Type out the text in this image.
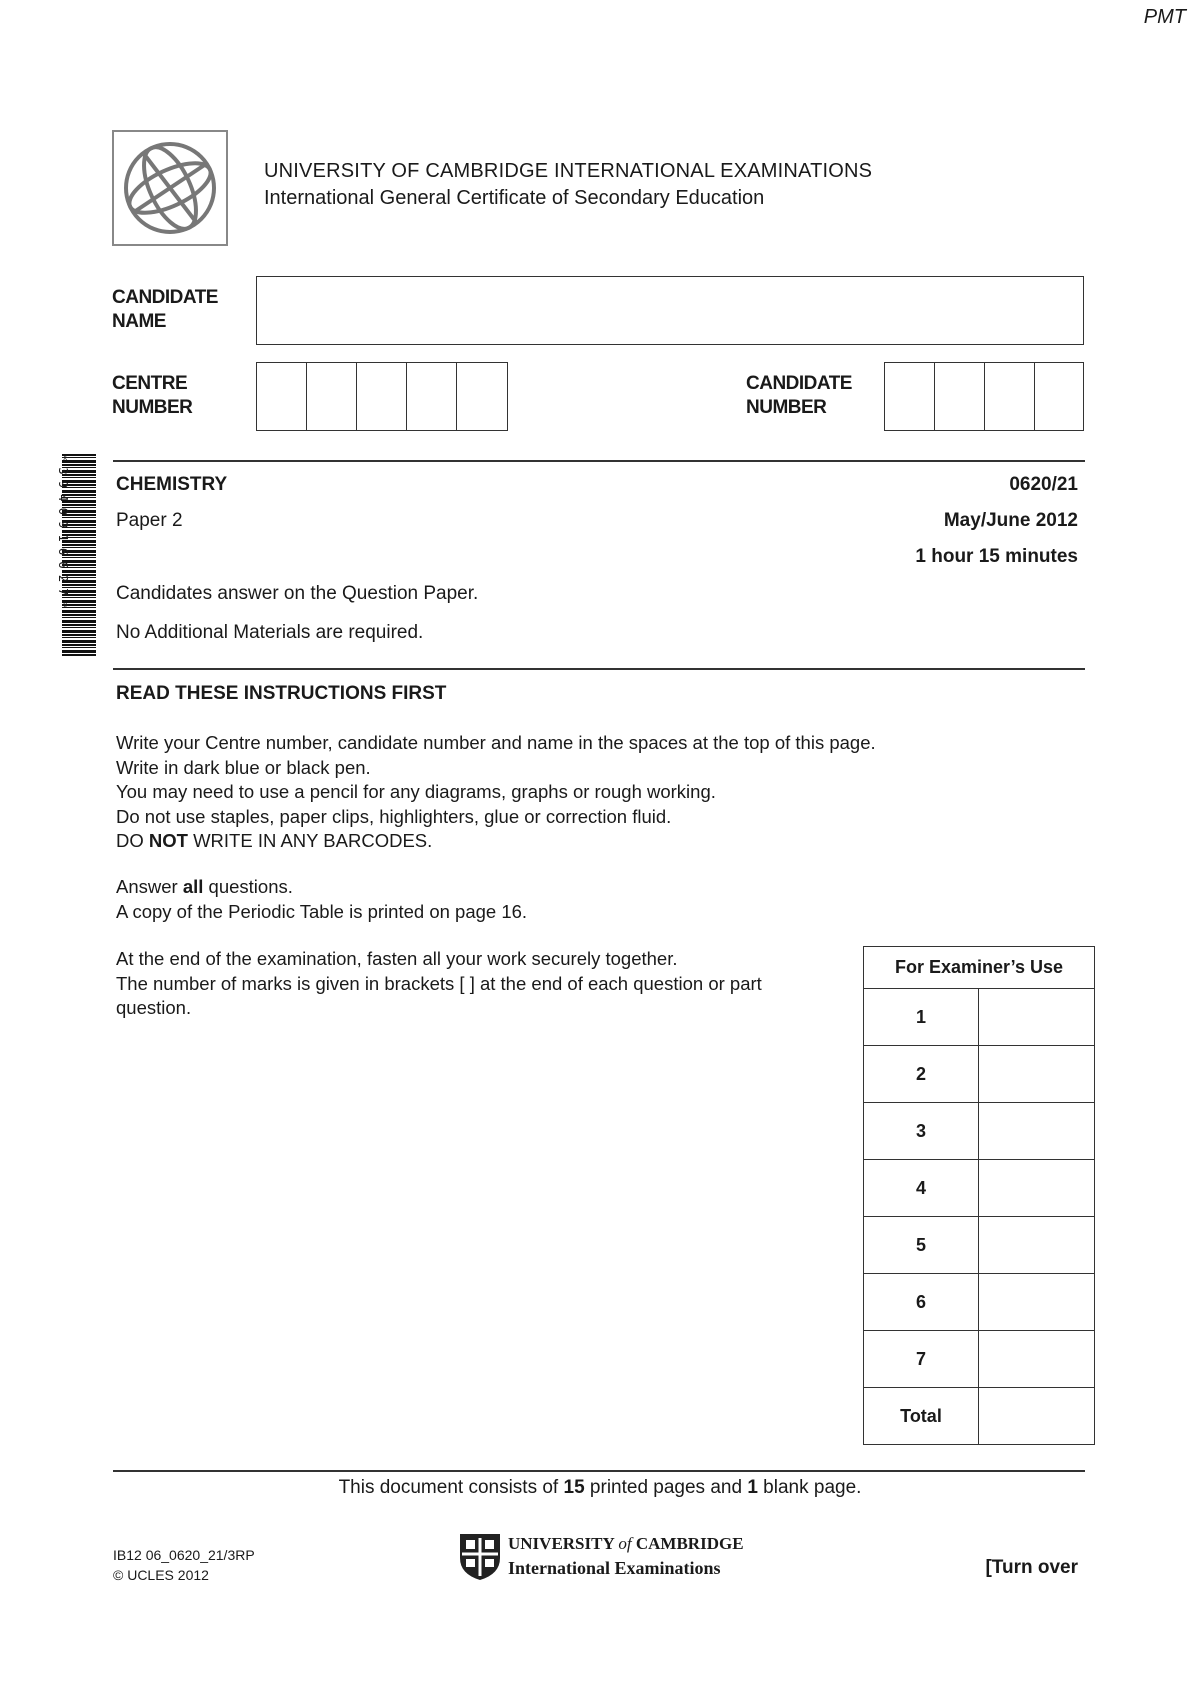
PMT
UNIVERSITY OF CAMBRIDGE INTERNATIONAL EXAMINATIONS
International General Certificate of Secondary Education
CANDIDATE
NAME
CENTRE
NUMBER
CANDIDATE
NUMBER
*3940916627* CHEMISTRY	0620/21
Paper 2	May/June 2012
1 hour 15 minutes
Candidates answer on the Question Paper.
No Additional Materials are required.
READ THESE INSTRUCTIONS FIRST
Write your Centre number, candidate number and name in the spaces at the top of this page.
Write in dark blue or black pen.
You may need to use a pencil for any diagrams, graphs or rough working.
Do not use staples, paper clips, highlighters, glue or correction fluid.
DO NOT WRITE IN ANY BARCODES.
Answer all questions.
A copy of the Periodic Table is printed on page 16.
At the end of the examination, fasten all your work securely together.
The number of marks is given in brackets [ ] at the end of each question or part
question.
For Examiner’s Use	
1	
2	
3	
4	
5	
6	
7	
Total	
This document consists of 15 printed pages and 1 blank page.
IB12 06_0620_21/3RP
© UCLES 2012
UNIVERSITY of CAMBRIDGE
International Examinations	[Turn over
